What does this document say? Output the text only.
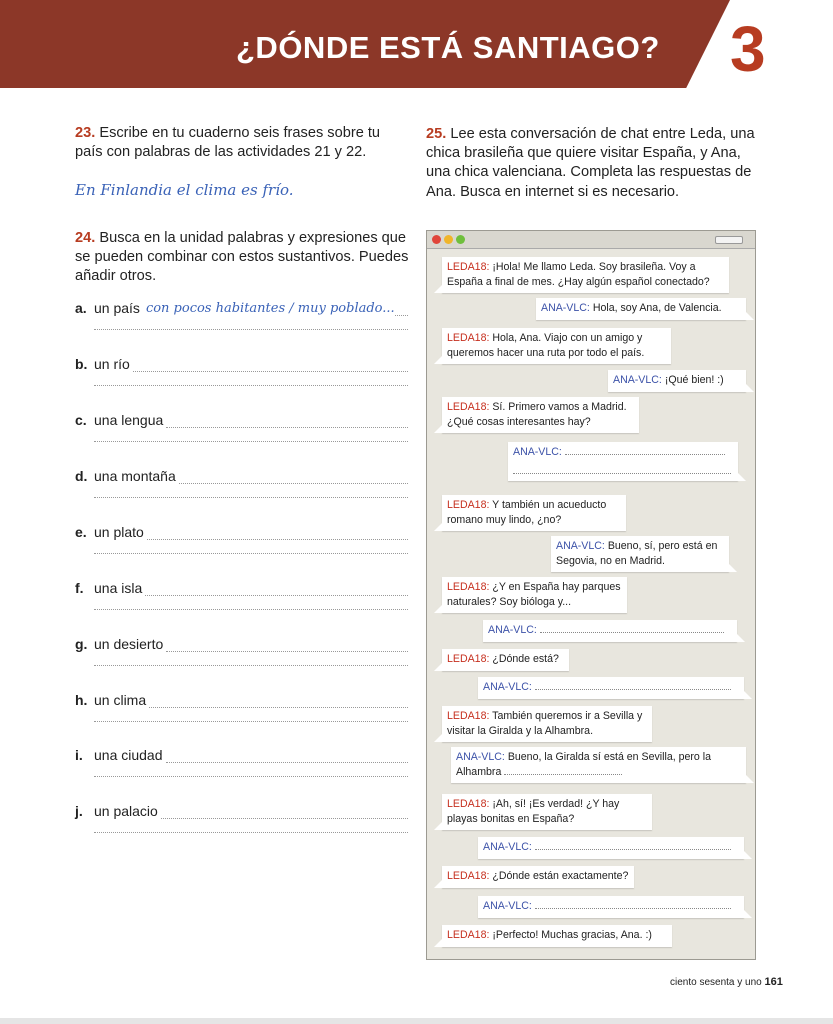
¿DÓNDE ESTÁ SANTIAGO? 3
23. Escribe en tu cuaderno seis frases sobre tu país con palabras de las actividades 21 y 22.
En Finlandia el clima es frío.
24. Busca en la unidad palabras y expresiones que se pueden combinar con estos sustantivos. Puedes añadir otros.
a. un país con pocos habitantes / muy poblado...
b. un río
c. una lengua
d. una montaña
e. un plato
f. una isla
g. un desierto
h. un clima
i. una ciudad
j. un palacio
25. Lee esta conversación de chat entre Leda, una chica brasileña que quiere visitar España, y Ana, una chica valenciana. Completa las respuestas de Ana. Busca en internet si es necesario.
LEDA18: ¡Hola! Me llamo Leda. Soy brasileña. Voy a España a final de mes. ¿Hay algún español conectado?
ANA-VLC: Hola, soy Ana, de Valencia.
LEDA18: Hola, Ana. Viajo con un amigo y queremos hacer una ruta por todo el país.
ANA-VLC: ¡Qué bien! :)
LEDA18: Sí. Primero vamos a Madrid. ¿Qué cosas interesantes hay?
ANA-VLC:

LEDA18: Y también un acueducto romano muy lindo, ¿no?
ANA-VLC: Bueno, sí, pero está en Segovia, no en Madrid.
LEDA18: ¿Y en España hay parques naturales? Soy bióloga y...
ANA-VLC:
LEDA18: ¿Dónde está?
ANA-VLC:
LEDA18: También queremos ir a Sevilla y visitar la Giralda y la Alhambra.
ANA-VLC: Bueno, la Giralda sí está en Sevilla, pero la Alhambra
LEDA18: ¡Ah, sí! ¡Es verdad! ¿Y hay playas bonitas en España?
ANA-VLC:
LEDA18: ¿Dónde están exactamente?
ANA-VLC:
LEDA18: ¡Perfecto! Muchas gracias, Ana. :)
ciento sesenta y uno 161
